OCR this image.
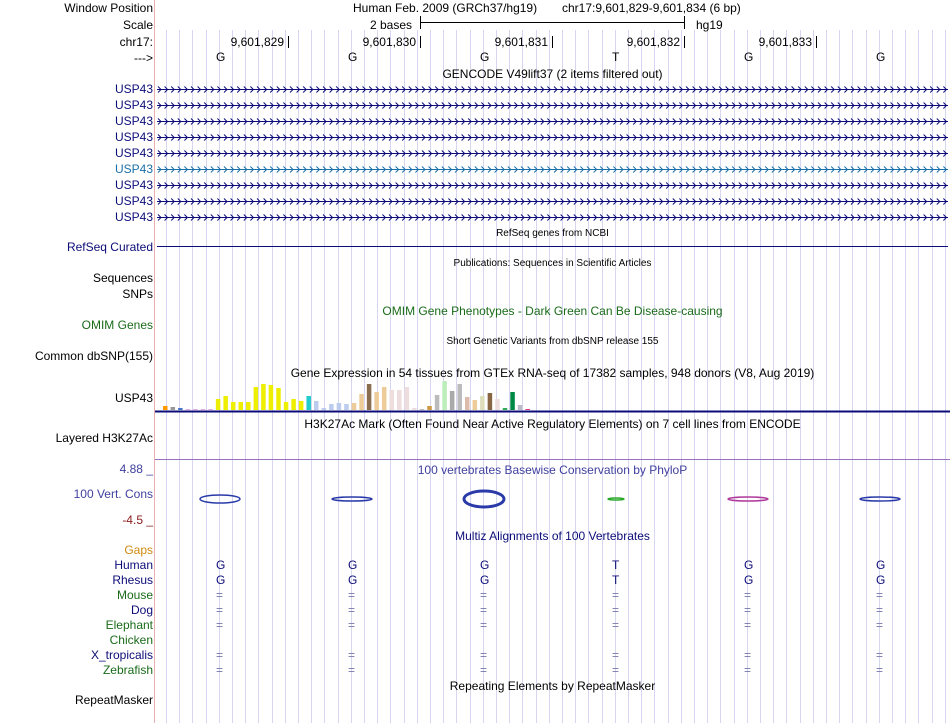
Window Position
Scale
chr17:
--->
Human Feb. 2009 (GRCh37/hg19) chr17:9,601,829-9,601,834 (6 bp)
2 bases	hg19
9,601,829	9,601,830	9,601,831	9,601,832	9,601,833
G	G	G	T	G	G
GENCODE V49lift37 (2 items filtered out)
USP43
USP43
USP43
USP43
USP43
USP43
USP43
USP43
USP43
RefSeq genes from NCBI
RefSeq Curated
Publications: Sequences in Scientific Articles
Sequences
SNPs
OMIM Gene Phenotypes - Dark Green Can Be Disease-causing
OMIM Genes
Short Genetic Variants from dbSNP release 155
Common dbSNP(155)
Gene Expression in 54 tissues from GTEx RNA-seq of 17382 samples, 948 donors (V8, Aug 2019)
USP43
H3K27Ac Mark (Often Found Near Active Regulatory Elements) on 7 cell lines from ENCODE
Layered H3K27Ac
100 vertebrates Basewise Conservation by PhyloP
4.88 _
100 Vert. Cons
-4.5 _
Multiz Alignments of 100 Vertebrates
Gaps
Human	G	G	G	T	G	G
Rhesus	G	G	G	T	G	G
Mouse	=	=	=	=	=	=
Dog	=	=	=	=	=	=
Elephant	=	=	=	=	=	=
Chicken
X_tropicalis	=	=	=	=	=	=
Zebrafish	=	=	=	=	=	=
Repeating Elements by RepeatMasker
RepeatMasker
